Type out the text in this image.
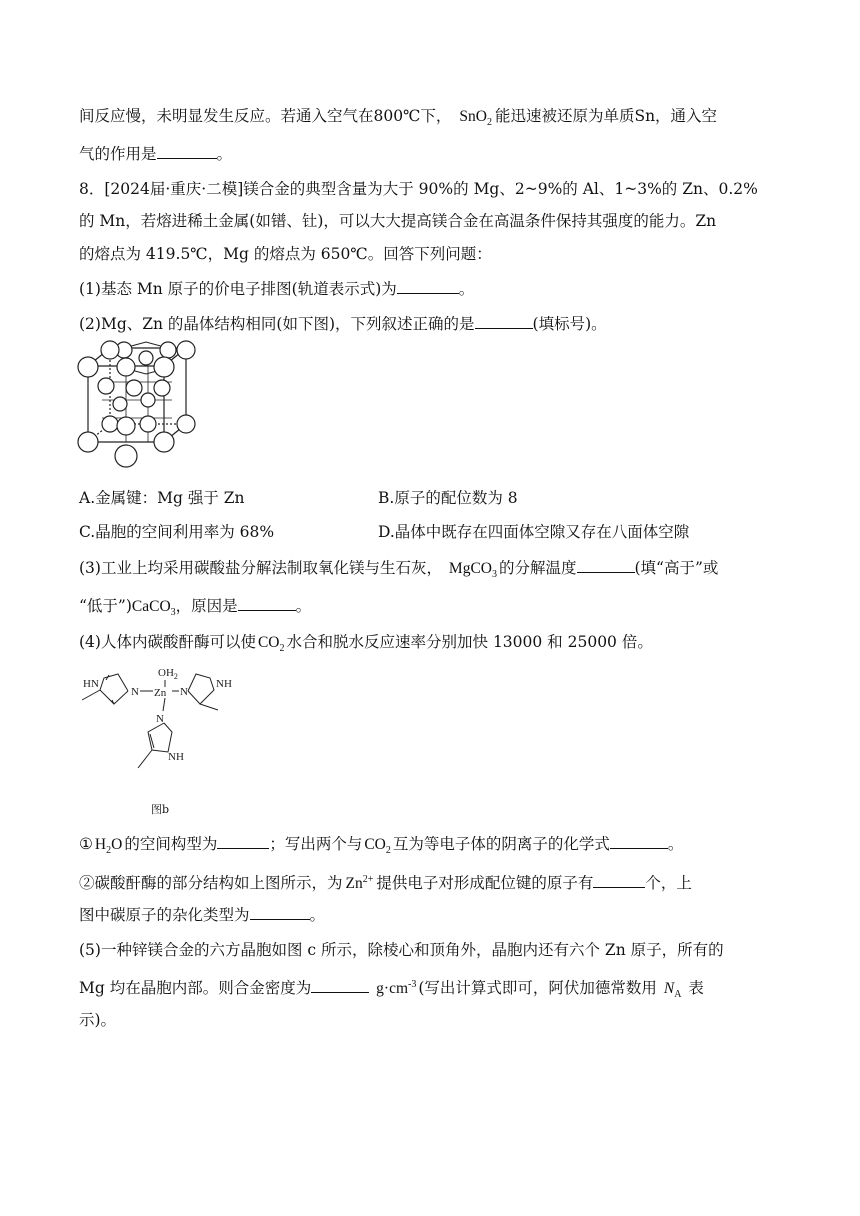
间反应慢，未明显发生反应。若通入空气在800℃下， SnO$_2$ 能迅速被还原为单质Sn，通入空
气的作用是	。
8．[2024届·重庆·二模]镁合金的典型含量为大于 90%的 Mg、2~9%的 Al、1~3%的 Zn、0.2%
的 Mn，若熔进稀土金属(如镨、钍)，可以大大提高镁合金在高温条件保持其强度的能力。Zn
的熔点为 419.5℃，Mg 的熔点为 650℃。回答下列问题：
(1)基态 Mn 原子的价电子排图(轨道表示式)为	。
(2)Mg、Zn 的晶体结构相同(如下图)，下列叙述正确的是	(填标号)。
A.金属键：Mg 强于 Zn	B.原子的配位数为 8
C.晶胞的空间利用率为 68%	D.晶体中既存在四面体空隙又存在八面体空隙
(3)工业上均采用碳酸盐分解法制取氧化镁与生石灰， MgCO$_3$ 的分解温度	(填“高于”或
“低于”)CaCO$_3$，原因是	。
(4)人体内碳酸酐酶可以使 $CO_2$ 水合和脱水反应速率分别加快 13000 和 25000 倍。
$OH_2$
HN
N Zn N
NH
N
NH
图b
① $H_2O$ 的空间构型为	；写出两个与 $CO_2$ 互为等电子体的阴离子的化学式	。
②碳酸酐酶的部分结构如上图所示，为 $Zn^{2+}$ 提供电子对形成配位键的原子有	个，上
图中碳原子的杂化类型为	。
(5)一种锌镁合金的六方晶胞如图 c 所示，除棱心和顶角外，晶胞内还有六个 Zn 原子，所有的
Mg 均在晶胞内部。则合金密度为	$g\cdot cm^{-3}$ (写出计算式即可，阿伏加德常数用 $N_A$ 表
示)。
